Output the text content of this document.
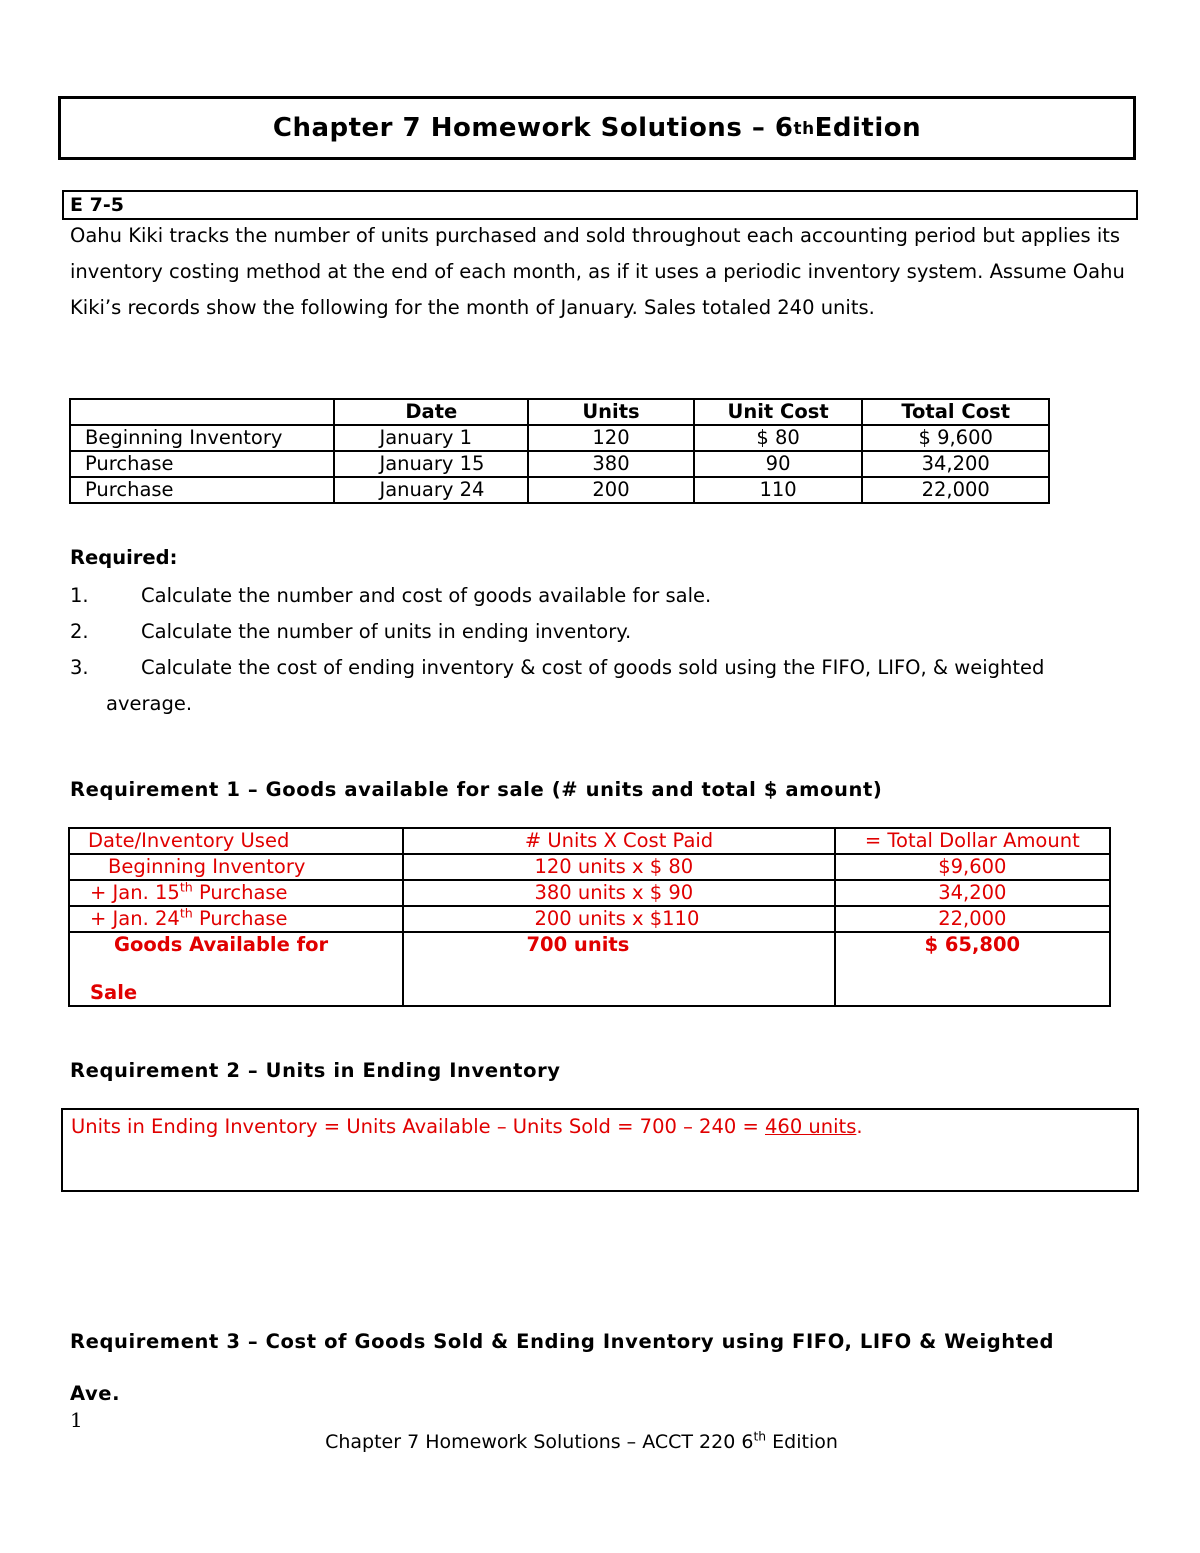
Chapter 7 Homework Solutions – 6 th Edition
E 7-5
Oahu Kiki tracks the number of units purchased and sold throughout each accounting period but applies its inventory costing method at the end of each month, as if it uses a periodic inventory system. Assume Oahu Kiki’s records show the following for the month of January. Sales totaled 240 units.
	Date	Units	Unit Cost	Total Cost
Beginning Inventory	January 1	120	$ 80	$ 9,600
Purchase	January 15	380	90	34,200
Purchase	January 24	200	110	22,000
Required:
1.	Calculate the number and cost of goods available for sale.
2.	Calculate the number of units in ending inventory.
3.	Calculate the cost of ending inventory & cost of goods sold using the FIFO, LIFO, & weighted
average.
Requirement 1 – Goods available for sale (# units and total $ amount)
Date/Inventory Used	# Units X Cost Paid	= Total Dollar Amount
Beginning Inventory	120 units x $ 80	$9,600
+ Jan. 15th Purchase	380 units x $ 90	34,200
+ Jan. 24th Purchase	200 units x $110	22,000

Goods Available for
Sale	700 units	$ 65,800
Requirement 2 – Units in Ending Inventory
Units in Ending Inventory = Units Available – Units Sold = 700 – 240 = 460 units.
Requirement 3 – Cost of Goods Sold & Ending Inventory using FIFO, LIFO & Weighted
Ave.
1
Chapter 7 Homework Solutions – ACCT 220 6th Edition
